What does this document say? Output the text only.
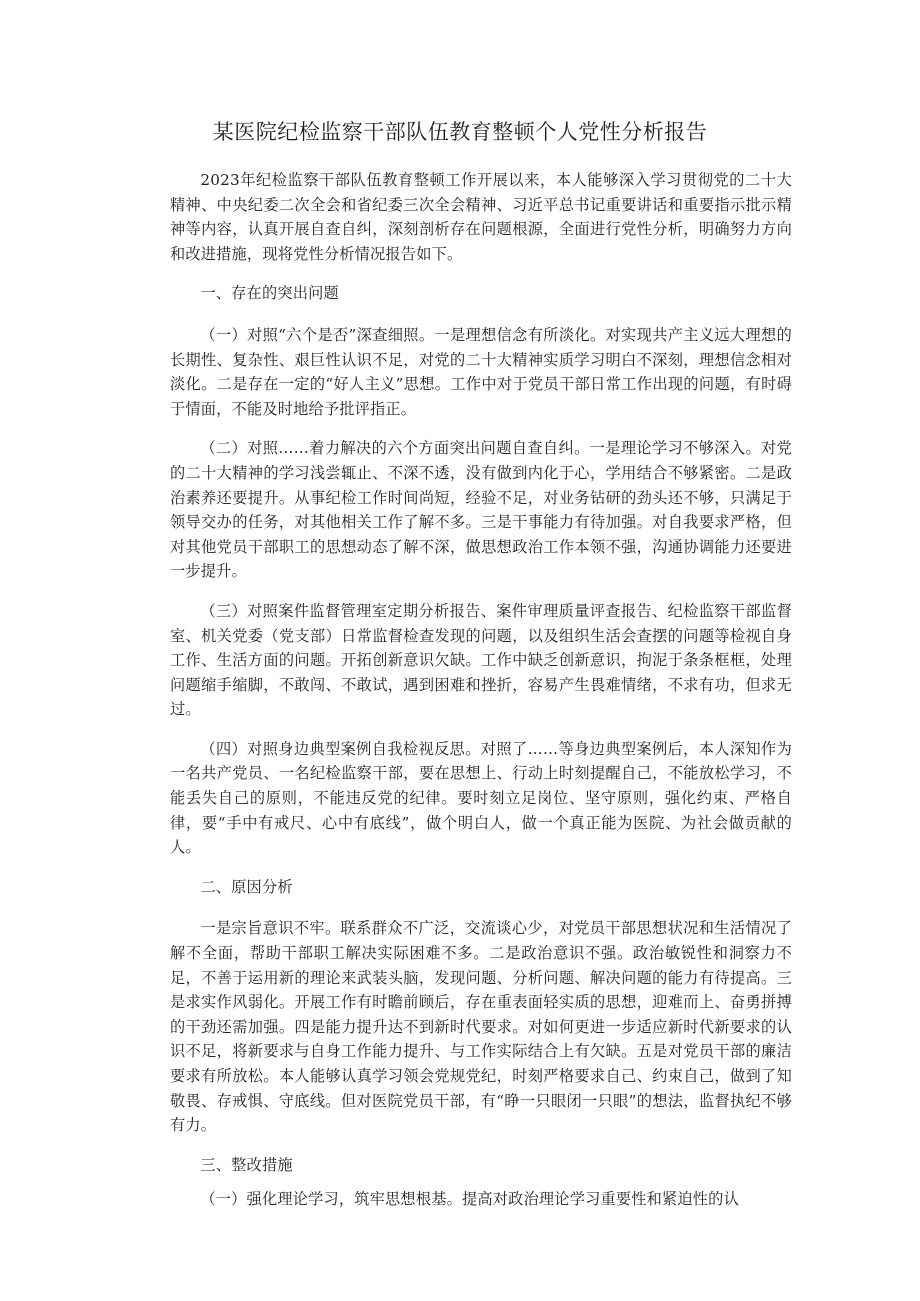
某医院纪检监察干部队伍教育整顿个人党性分析报告

2023年纪检监察干部队伍教育整顿工作开展以来，本人能够深入学习贯彻党的二十大精神、中央纪委二次全会和省纪委三次全会精神、习近平总书记重要讲话和重要指示批示精神等内容，认真开展自查自纠，深刻剖析存在问题根源，全面进行党性分析，明确努力方向和改进措施，现将党性分析情况报告如下。

一、存在的突出问题

（一）对照“六个是否”深查细照。一是理想信念有所淡化。对实现共产主义远大理想的长期性、复杂性、艰巨性认识不足，对党的二十大精神实质学习明白不深刻，理想信念相对淡化。二是存在一定的“好人主义”思想。工作中对于党员干部日常工作出现的问题，有时碍于情面，不能及时地给予批评指正。

（二）对照……着力解决的六个方面突出问题自查自纠。一是理论学习不够深入。对党的二十大精神的学习浅尝辄止、不深不透，没有做到内化于心，学用结合不够紧密。二是政治素养还要提升。从事纪检工作时间尚短，经验不足，对业务钻研的劲头还不够，只满足于领导交办的任务，对其他相关工作了解不多。三是干事能力有待加强。对自我要求严格，但对其他党员干部职工的思想动态了解不深，做思想政治工作本领不强，沟通协调能力还要进一步提升。

（三）对照案件监督管理室定期分析报告、案件审理质量评查报告、纪检监察干部监督室、机关党委（党支部）日常监督检查发现的问题，以及组织生活会查摆的问题等检视自身工作、生活方面的问题。开拓创新意识欠缺。工作中缺乏创新意识，拘泥于条条框框，处理问题缩手缩脚，不敢闯、不敢试，遇到困难和挫折，容易产生畏难情绪，不求有功，但求无过。

（四）对照身边典型案例自我检视反思。对照了……等身边典型案例后，本人深知作为一名共产党员、一名纪检监察干部，要在思想上、行动上时刻提醒自己，不能放松学习，不能丢失自己的原则，不能违反党的纪律。要时刻立足岗位、坚守原则，强化约束、严格自律，要“手中有戒尺、心中有底线”，做个明白人，做一个真正能为医院、为社会做贡献的人。

二、原因分析

一是宗旨意识不牢。联系群众不广泛，交流谈心少，对党员干部思想状况和生活情况了解不全面，帮助干部职工解决实际困难不多。二是政治意识不强。政治敏锐性和洞察力不足，不善于运用新的理论来武装头脑，发现问题、分析问题、解决问题的能力有待提高。三是求实作风弱化。开展工作有时瞻前顾后，存在重表面轻实质的思想，迎难而上、奋勇拼搏的干劲还需加强。四是能力提升达不到新时代要求。对如何更进一步适应新时代新要求的认识不足，将新要求与自身工作能力提升、与工作实际结合上有欠缺。五是对党员干部的廉洁要求有所放松。本人能够认真学习领会党规党纪，时刻严格要求自己、约束自己，做到了知敬畏、存戒惧、守底线。但对医院党员干部，有“睁一只眼闭一只眼”的想法，监督执纪不够有力。

三、整改措施

（一）强化理论学习，筑牢思想根基。提高对政治理论学习重要性和紧迫性的认
